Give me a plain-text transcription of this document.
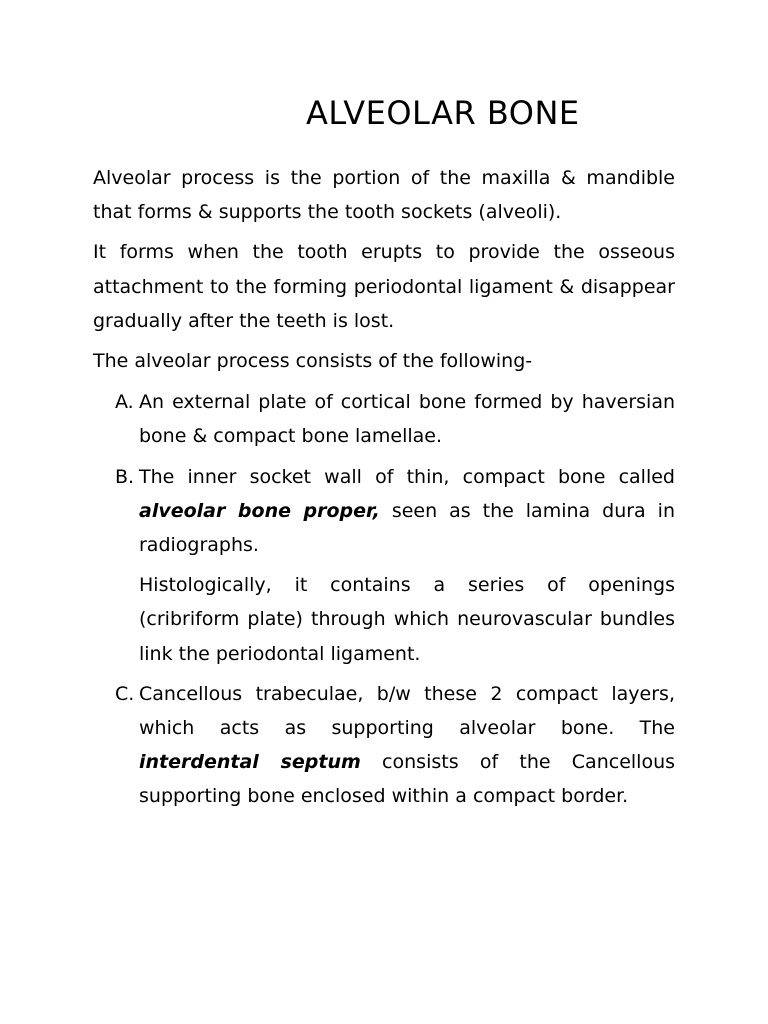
ALVEOLAR BONE

Alveolar process is the portion of the maxilla & mandible that forms & supports the tooth sockets (alveoli).

It forms when the tooth erupts to provide the osseous attachment to the forming periodontal ligament & disappear gradually after the teeth is lost.

The alveolar process consists of the following-

A. An external plate of cortical bone formed by haversian bone & compact bone lamellae.

B. The inner socket wall of thin, compact bone called alveolar bone proper, seen as the lamina dura in radiographs.

Histologically, it contains a series of openings (cribriform plate) through which neurovascular bundles link the periodontal ligament.

C. Cancellous trabeculae, b/w these 2 compact layers, which acts as supporting alveolar bone. The interdental septum consists of the Cancellous supporting bone enclosed within a compact border.
